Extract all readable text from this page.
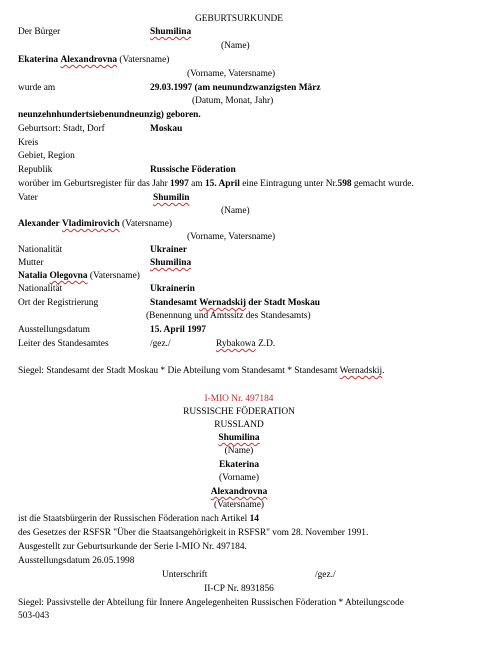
GEBURTSURKUNDE
Der Bürger	Shumilina
(Name)
Ekaterina Alexandrovna (Vatersname)
(Vorname, Vatersname)
wurde am	29.03.1997 (am neunundzwanzigsten März
(Datum, Monat, Jahr)
neunzehnhundertsiebenundneunzig) geboren.
Geburtsort: Stadt, Dorf	Moskau
Kreis
Gebiet, Region
Republik	Russische Föderation
worüber im Geburtsregister für das Jahr 1997 am 15. April eine Eintragung unter Nr.598 gemacht wurde.
Vater	Shumilin
(Name)
Alexander Vladimirovich (Vatersname)
(Vorname, Vatersname)
Nationalität	Ukrainer
Mutter	Shumilina
Natalia Olegovna (Vatersname)
Nationalität	Ukrainerin
Ort der Registrierung	Standesamt Wernadskij der Stadt Moskau
(Benennung und Amtssitz des Standesamts)
Ausstellungsdatum	15. April 1997
Leiter des Standesamtes	/gez./	Rybakowa Z.D.
Siegel: Standesamt der Stadt Moskau * Die Abteilung vom Standesamt * Standesamt Wernadskij.
I-MIO Nr. 497184
RUSSISCHE FÖDERATION
RUSSLAND
Shumilina
(Name)
Ekaterina
(Vorname)
Alexandrovna
(Vatersname)
ist die Staatsbürgerin der Russischen Föderation nach Artikel 14
des Gesetzes der RSFSR "Über die Staatsangehörigkeit in RSFSR" vom 28. November 1991.
Ausgestellt zur Geburtsurkunde der Serie I-MIO Nr. 497184.
Ausstellungsdatum 26.05.1998
Unterschrift	/gez./
II-CP Nr. 8931856
Siegel: Passivstelle der Abteilung für Innere Angelegenheiten Russischen Föderation * Abteilungscode
503-043
